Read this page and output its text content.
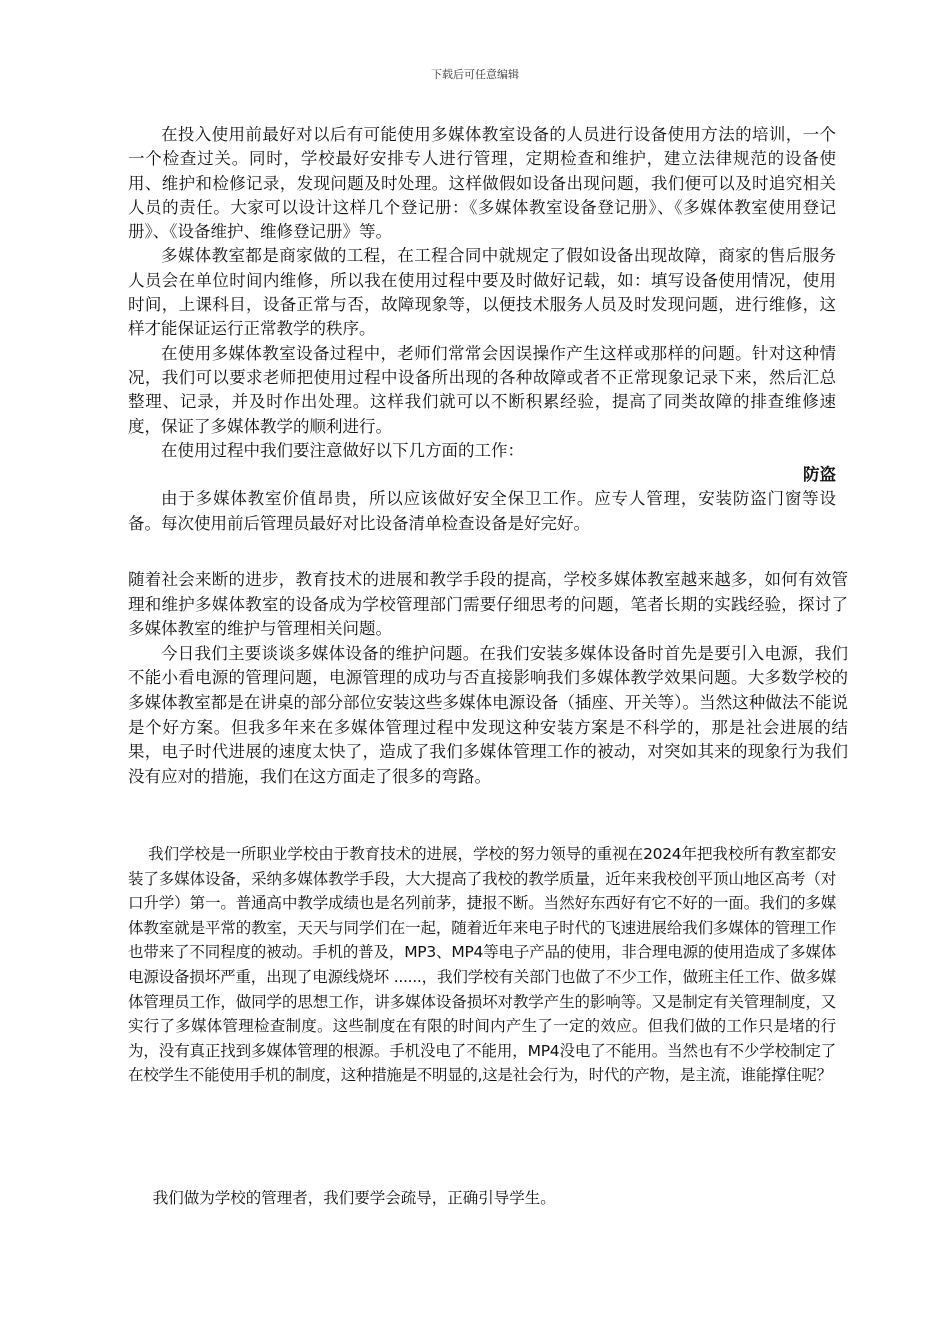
下载后可任意编辑

在投入使用前最好对以后有可能使用多媒体教室设备的人员进行设备使用方法的培训，一个一个检查过关。同时，学校最好安排专人进行管理，定期检查和维护，建立法律规范的设备使用、维护和检修记录，发现问题及时处理。这样做假如设备出现问题，我们便可以及时追究相关人员的责任。大家可以设计这样几个登记册：《多媒体教室设备登记册》、《多媒体教室使用登记册》、《设备维护、维修登记册》等。

多媒体教室都是商家做的工程，在工程合同中就规定了假如设备出现故障，商家的售后服务人员会在单位时间内维修，所以我在使用过程中要及时做好记载，如：填写设备使用情况，使用时间，上课科目，设备正常与否，故障现象等，以便技术服务人员及时发现问题，进行维修，这样才能保证运行正常教学的秩序。

在使用多媒体教室设备过程中，老师们常常会因误操作产生这样或那样的问题。针对这种情况，我们可以要求老师把使用过程中设备所出现的各种故障或者不正常现象记录下来，然后汇总整理、记录，并及时作出处理。这样我们就可以不断积累经验，提高了同类故障的排查维修速度，保证了多媒体教学的顺利进行。

在使用过程中我们要注意做好以下几方面的工作：

防盗

由于多媒体教室价值昂贵，所以应该做好安全保卫工作。应专人管理，安装防盗门窗等设备。每次使用前后管理员最好对比设备清单检查设备是好完好。

随着社会来断的进步，教育技术的进展和教学手段的提高，学校多媒体教室越来越多，如何有效管理和维护多媒体教室的设备成为学校管理部门需要仔细思考的问题，笔者长期的实践经验，探讨了多媒体教室的维护与管理相关问题。

今日我们主要谈谈多媒体设备的维护问题。在我们安装多媒体设备时首先是要引入电源，我们不能小看电源的管理问题，电源管理的成功与否直接影响我们多媒体教学效果问题。大多数学校的多媒体教室都是在讲桌的部分部位安装这些多媒体电源设备（插座、开关等）。当然这种做法不能说是个好方案。但我多年来在多媒体管理过程中发现这种安装方案是不科学的，那是社会进展的结果，电子时代进展的速度太快了，造成了我们多媒体管理工作的被动，对突如其来的现象行为我们没有应对的措施，我们在这方面走了很多的弯路。

我们学校是一所职业学校由于教育技术的进展，学校的努力领导的重视在2024年把我校所有教室都安装了多媒体设备，采纳多媒体教学手段，大大提高了我校的教学质量，近年来我校创平顶山地区高考（对口升学）第一。普通高中教学成绩也是名列前茅，捷报不断。当然好东西好有它不好的一面。我们的多媒体教室就是平常的教室，天天与同学们在一起，随着近年来电子时代的飞速进展给我们多媒体的管理工作也带来了不同程度的被动。手机的普及，MP3、MP4等电子产品的使用，非合理电源的使用造成了多媒体电源设备损坏严重，出现了电源线烧坏 ......，我们学校有关部门也做了不少工作，做班主任工作、做多媒体管理员工作，做同学的思想工作，讲多媒体设备损坏对教学产生的影响等。又是制定有关管理制度，又实行了多媒体管理检查制度。这些制度在有限的时间内产生了一定的效应。但我们做的工作只是堵的行为，没有真正找到多媒体管理的根源。手机没电了不能用，MP4没电了不能用。当然也有不少学校制定了在校学生不能使用手机的制度，这种措施是不明显的,这是社会行为，时代的产物，是主流，谁能撑住呢？

我们做为学校的管理者，我们要学会疏导，正确引导学生。
